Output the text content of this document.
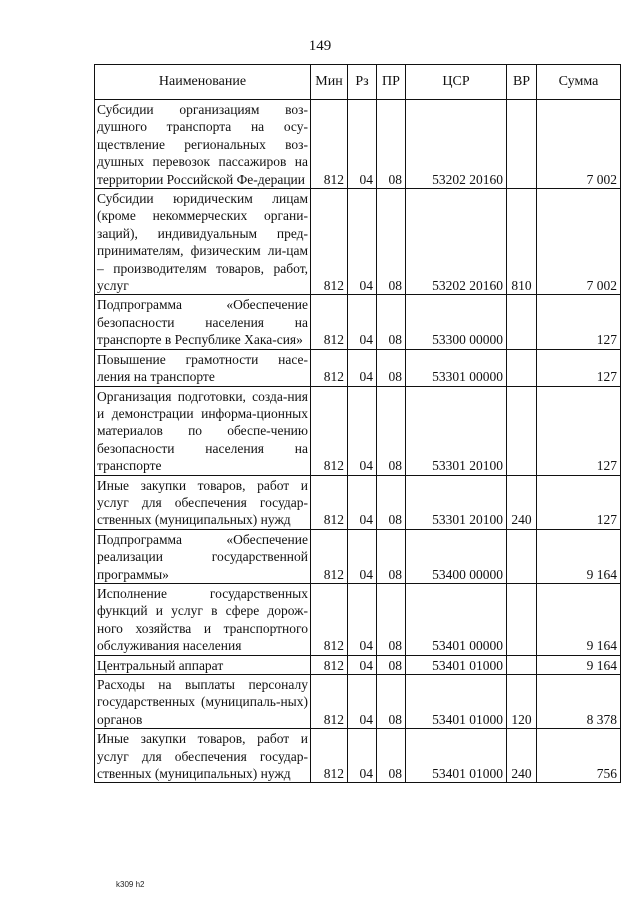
149
Наименование	Мин	Рз	ПР	ЦСР	ВР	Сумма
Субсидии организациям воз-душного транспорта на осу-ществление региональных воз-душных перевозок пассажиров на территории Российской Фе-дерации	812	04	08	53202 20160		7 002
Субсидии юридическим лицам (кроме некоммерческих органи-заций), индивидуальным пред-принимателям, физическим ли-цам – производителям товаров, работ, услуг	812	04	08	53202 20160	810	7 002
Подпрограмма «Обеспечение безопасности населения на транспорте в Республике Хака-сия»	812	04	08	53300 00000		127
Повышение грамотности насе-ления на транспорте	812	04	08	53301 00000		127
Организация подготовки, созда-ния и демонстрации информа-ционных материалов по обеспе-чению безопасности населения на транспорте	812	04	08	53301 20100		127
Иные закупки товаров, работ и услуг для обеспечения государ-ственных (муниципальных) нужд	812	04	08	53301 20100	240	127
Подпрограмма «Обеспечение реализации государственной программы»	812	04	08	53400 00000		9 164
Исполнение государственных функций и услуг в сфере дорож-ного хозяйства и транспортного обслуживания населения	812	04	08	53401 00000		9 164
Центральный аппарат	812	04	08	53401 01000		9 164
Расходы на выплаты персоналу государственных (муниципаль-ных) органов	812	04	08	53401 01000	120	8 378
Иные закупки товаров, работ и услуг для обеспечения государ-ственных (муниципальных) нужд	812	04	08	53401 01000	240	756
k309 h2
